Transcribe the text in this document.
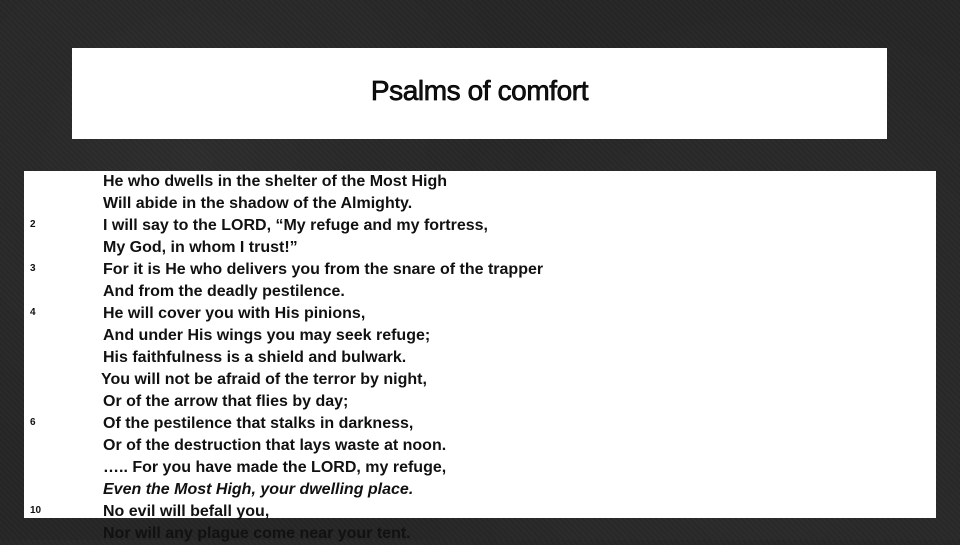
Psalms of comfort
He who dwells in the shelter of the Most High
Will abide in the shadow of the Almighty.
2	I will say to the LORD, “My refuge and my fortress,
My God, in whom I trust!”
3	For it is He who delivers you from the snare of the trapper
And from the deadly pestilence.
4	He will cover you with His pinions,
And under His wings you may seek refuge;
His faithfulness is a shield and bulwark.
You will not be afraid of the terror by night,
Or of the arrow that flies by day;
6	Of the pestilence that stalks in darkness,
Or of the destruction that lays waste at noon.
….. For you have made the LORD, my refuge,
Even the Most High, your dwelling place.
10	No evil will befall you,
Nor will any plague come near your tent.
